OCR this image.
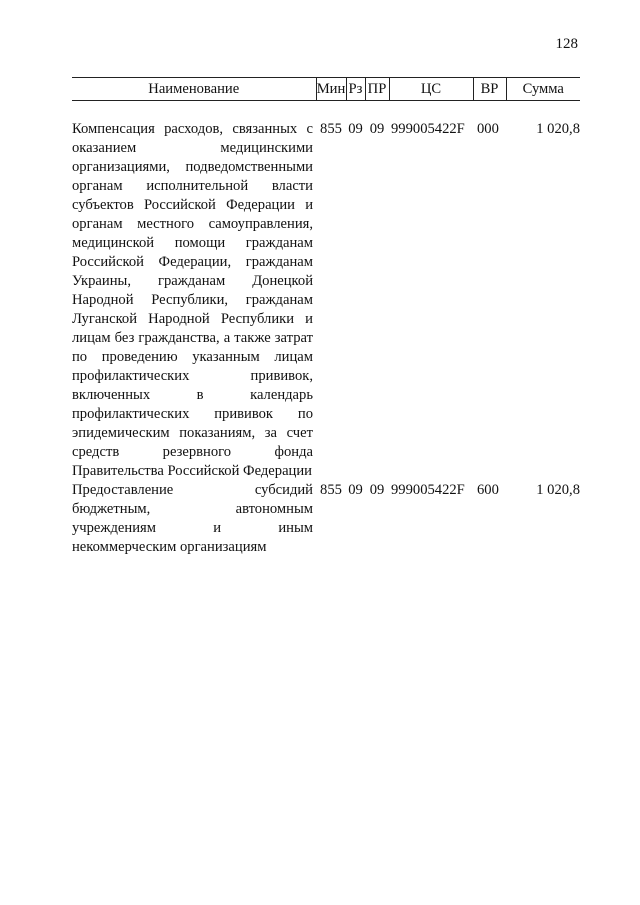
128
Наименование	Мин	Рз	ПР	ЦС	ВР	Сумма

Компенсация расходов, связанных с оказанием медицинскими организациями, подведомственными органам исполнительной власти субъектов Российской Федерации и органам местного самоуправления, медицинской помощи гражданам Российской Федерации, гражданам Украины, гражданам Донецкой Народной Республики, гражданам Луганской Народной Республики и лицам без гражданства, а также затрат по проведению указанным лицам профилактических прививок, включенных в календарь профилактических прививок по эпидемическим показаниям, за счет средств резервного фонда Правительства Российской Федерации	855	09	09	999005422F	000	1 020,8
Предоставление субсидий бюджетным, автономным учреждениям и иным некоммерческим организациям	855	09	09	999005422F	600	1 020,8
